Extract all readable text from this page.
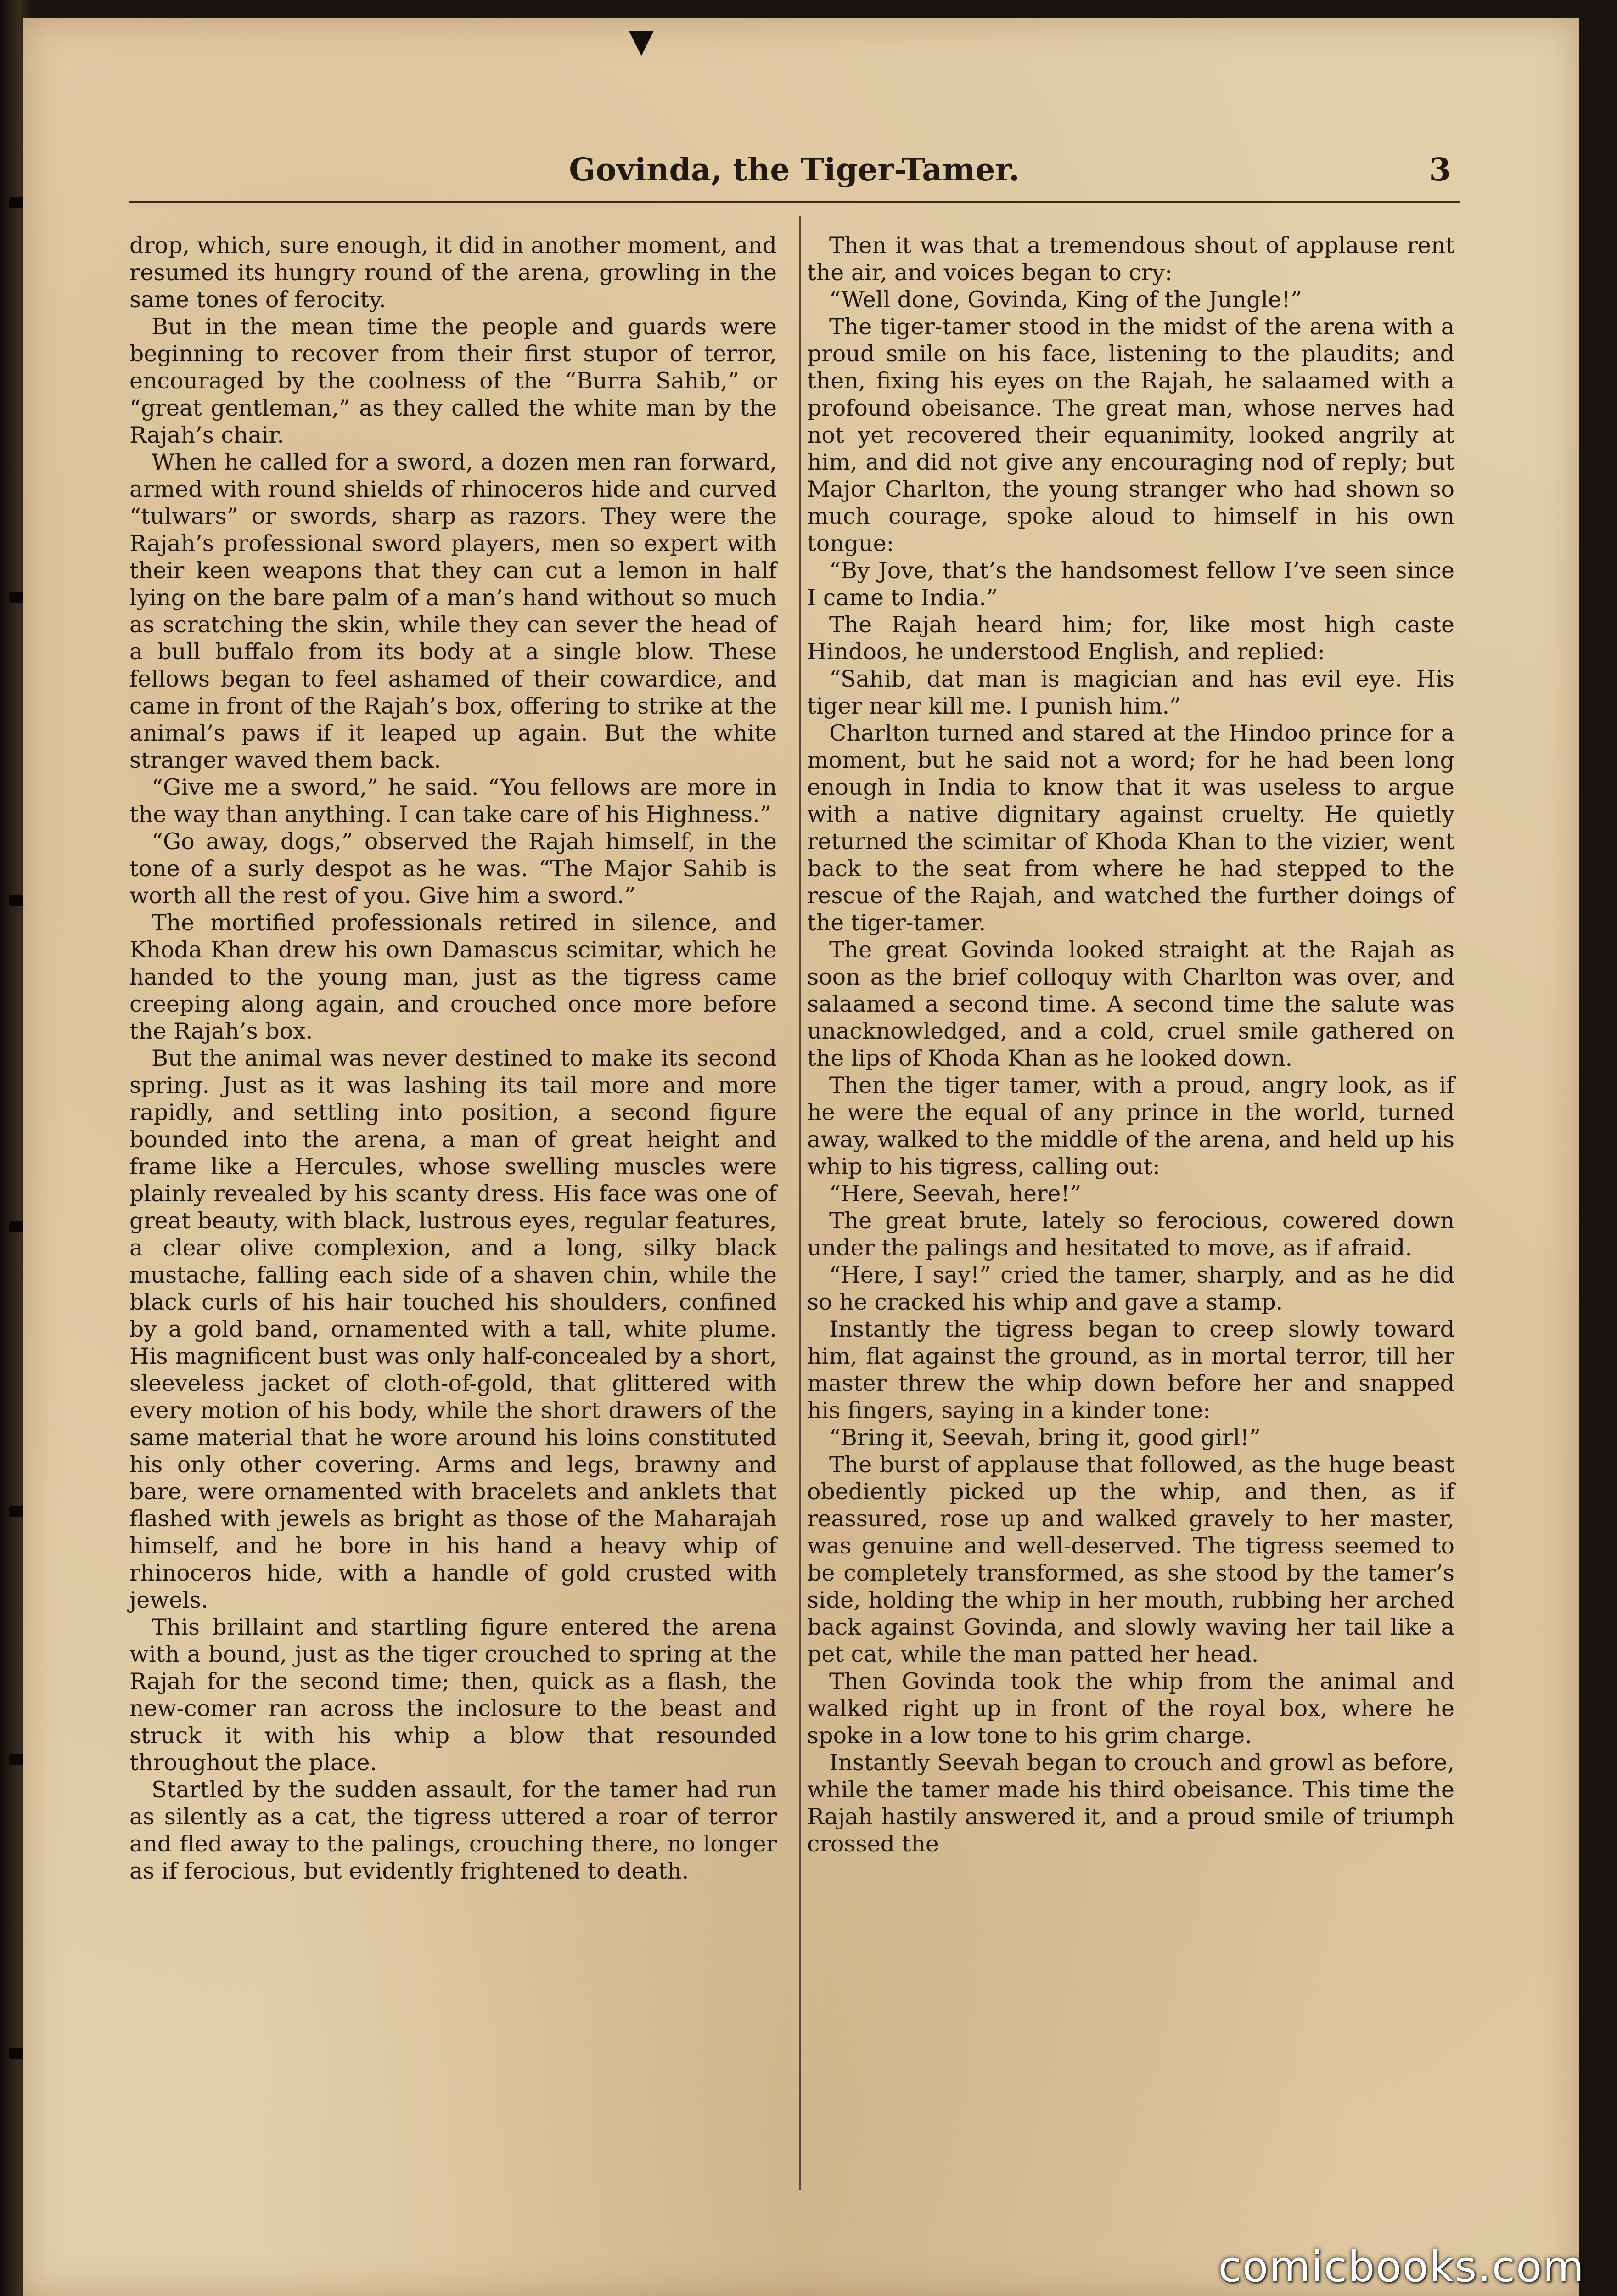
▼
Govinda, the Tiger-Tamer.	3

drop, which, sure enough, it did in another moment, and resumed its hungry round of the arena, growling in the same tones of ferocity.

But in the mean time the people and guards were beginning to recover from their first stupor of terror, encouraged by the coolness of the “Burra Sahib,” or “great gentleman,” as they called the white man by the Rajah’s chair.

When he called for a sword, a dozen men ran forward, armed with round shields of rhinoceros hide and curved “tulwars” or swords, sharp as razors. They were the Rajah’s professional sword players, men so expert with their keen weapons that they can cut a lemon in half lying on the bare palm of a man’s hand without so much as scratching the skin, while they can sever the head of a bull buffalo from its body at a single blow. These fellows began to feel ashamed of their cowardice, and came in front of the Rajah’s box, offering to strike at the animal’s paws if it leaped up again. But the white stranger waved them back.

“Give me a sword,” he said. “You fellows are more in the way than anything. I can take care of his Highness.”

“Go away, dogs,” observed the Rajah himself, in the tone of a surly despot as he was. “The Major Sahib is worth all the rest of you. Give him a sword.”

The mortified professionals retired in silence, and Khoda Khan drew his own Damascus scimitar, which he handed to the young man, just as the tigress came creeping along again, and crouched once more before the Rajah’s box.

But the animal was never destined to make its second spring. Just as it was lashing its tail more and more rapidly, and settling into position, a second figure bounded into the arena, a man of great height and frame like a Hercules, whose swelling muscles were plainly revealed by his scanty dress. His face was one of great beauty, with black, lustrous eyes, regular features, a clear olive complexion, and a long, silky black mustache, falling each side of a shaven chin, while the black curls of his hair touched his shoulders, confined by a gold band, ornamented with a tall, white plume. His magnificent bust was only half-concealed by a short, sleeveless jacket of cloth-of-gold, that glittered with every motion of his body, while the short drawers of the same material that he wore around his loins constituted his only other covering. Arms and legs, brawny and bare, were ornamented with bracelets and anklets that flashed with jewels as bright as those of the Maharajah himself, and he bore in his hand a heavy whip of rhinoceros hide, with a handle of gold crusted with jewels.

This brillaint and startling figure entered the arena with a bound, just as the tiger crouched to spring at the Rajah for the second time; then, quick as a flash, the new-comer ran across the inclosure to the beast and struck it with his whip a blow that resounded throughout the place.

Startled by the sudden assault, for the tamer had run as silently as a cat, the tigress uttered a roar of terror and fled away to the palings, crouching there, no longer as if ferocious, but evidently frightened to death.

Then it was that a tremendous shout of applause rent the air, and voices began to cry:

“Well done, Govinda, King of the Jungle!”

The tiger-tamer stood in the midst of the arena with a proud smile on his face, listening to the plaudits; and then, fixing his eyes on the Rajah, he salaamed with a profound obeisance. The great man, whose nerves had not yet recovered their equanimity, looked angrily at him, and did not give any encouraging nod of reply; but Major Charlton, the young stranger who had shown so much courage, spoke aloud to himself in his own tongue:

“By Jove, that’s the handsomest fellow I’ve seen since I came to India.”

The Rajah heard him; for, like most high caste Hindoos, he understood English, and replied:

“Sahib, dat man is magician and has evil eye. His tiger near kill me. I punish him.”

Charlton turned and stared at the Hindoo prince for a moment, but he said not a word; for he had been long enough in India to know that it was useless to argue with a native dignitary against cruelty. He quietly returned the scimitar of Khoda Khan to the vizier, went back to the seat from where he had stepped to the rescue of the Rajah, and watched the further doings of the tiger-tamer.

The great Govinda looked straight at the Rajah as soon as the brief colloquy with Charlton was over, and salaamed a second time. A second time the salute was unacknowledged, and a cold, cruel smile gathered on the lips of Khoda Khan as he looked down.

Then the tiger tamer, with a proud, angry look, as if he were the equal of any prince in the world, turned away, walked to the middle of the arena, and held up his whip to his tigress, calling out:

“Here, Seevah, here!”

The great brute, lately so ferocious, cowered down under the palings and hesitated to move, as if afraid.

“Here, I say!” cried the tamer, sharply, and as he did so he cracked his whip and gave a stamp.

Instantly the tigress began to creep slowly toward him, flat against the ground, as in mortal terror, till her master threw the whip down before her and snapped his fingers, saying in a kinder tone:

“Bring it, Seevah, bring it, good girl!”

The burst of applause that followed, as the huge beast obediently picked up the whip, and then, as if reassured, rose up and walked gravely to her master, was genuine and well-deserved. The tigress seemed to be completely transformed, as she stood by the tamer’s side, holding the whip in her mouth, rubbing her arched back against Govinda, and slowly waving her tail like a pet cat, while the man patted her head.

Then Govinda took the whip from the animal and walked right up in front of the royal box, where he spoke in a low tone to his grim charge.

Instantly Seevah began to crouch and growl as before, while the tamer made his third obeisance. This time the Rajah hastily answered it, and a proud smile of triumph crossed the

comicbooks.com
